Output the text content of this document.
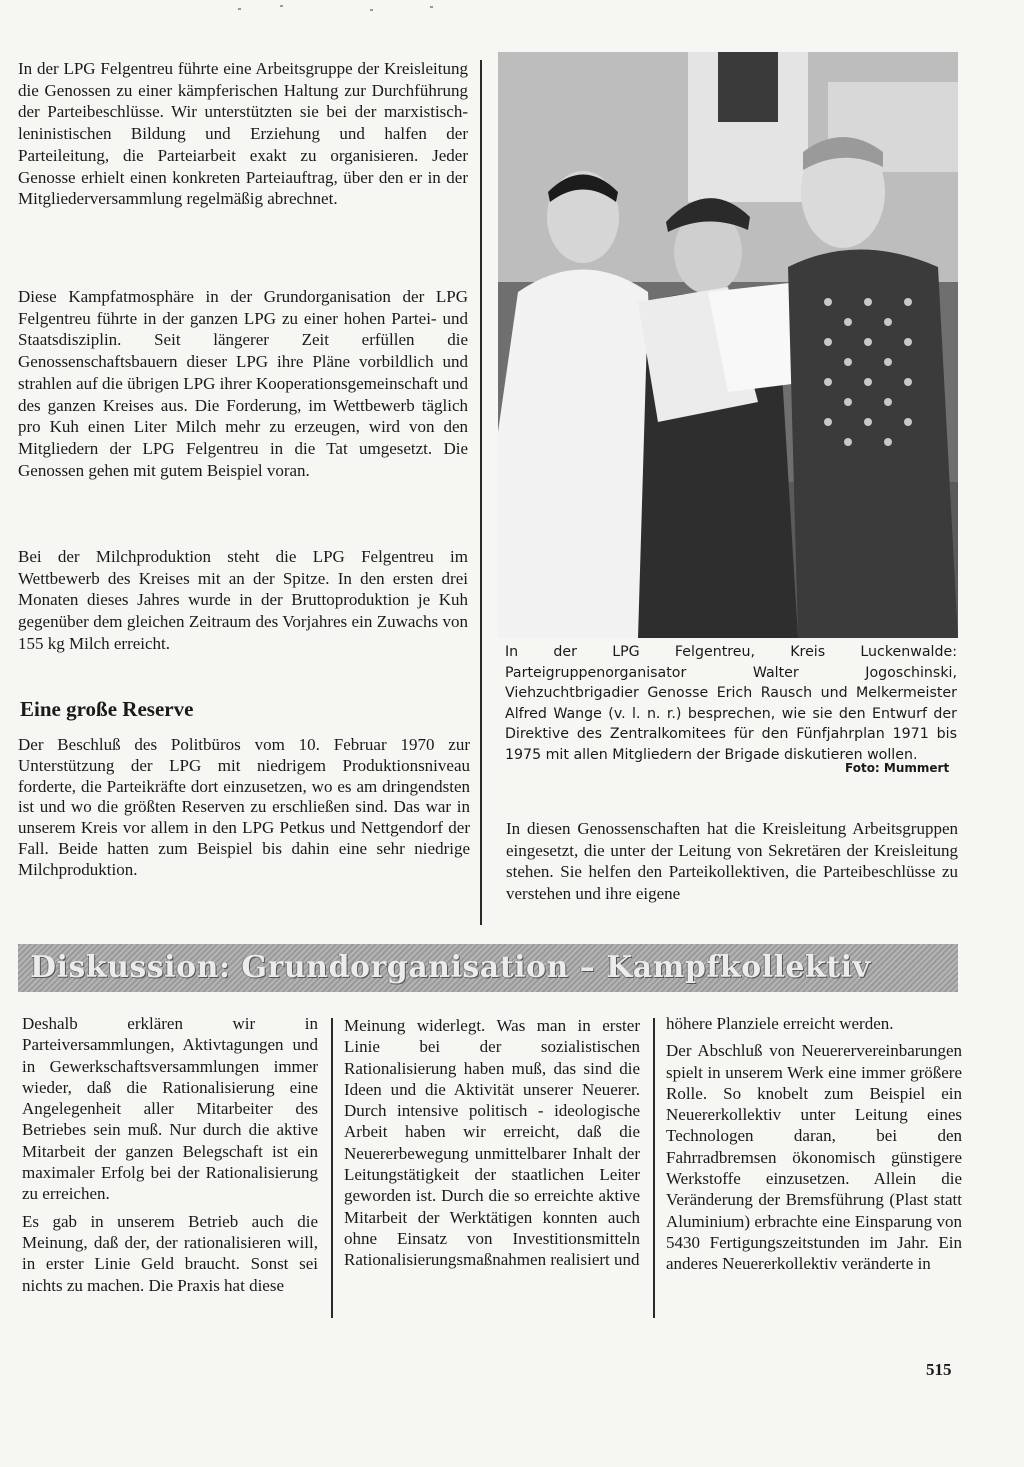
In der LPG Felgentreu führte eine Arbeitsgruppe der Kreisleitung die Genossen zu einer kämpferischen Haltung zur Durchführung der Parteibeschlüsse. Wir unterstützten sie bei der marxistisch-leninistischen Bildung und Erziehung und halfen der Parteileitung, die Parteiarbeit exakt zu organisieren. Jeder Genosse erhielt einen konkreten Parteiauftrag, über den er in der Mitgliederversammlung regelmäßig abrechnet.

Diese Kampfatmosphäre in der Grundorganisation der LPG Felgentreu führte in der ganzen LPG zu einer hohen Partei- und Staatsdisziplin. Seit längerer Zeit erfüllen die Genossenschaftsbauern dieser LPG ihre Pläne vorbildlich und strahlen auf die übrigen LPG ihrer Kooperationsgemeinschaft und des ganzen Kreises aus. Die Forderung, im Wettbewerb täglich pro Kuh einen Liter Milch mehr zu erzeugen, wird von den Mitgliedern der LPG Felgentreu in die Tat umgesetzt. Die Genossen gehen mit gutem Beispiel voran.

Bei der Milchproduktion steht die LPG Felgentreu im Wettbewerb des Kreises mit an der Spitze. In den ersten drei Monaten dieses Jahres wurde in der Bruttoproduktion je Kuh gegenüber dem gleichen Zeitraum des Vorjahres ein Zuwachs von 155 kg Milch erreicht.

Eine große Reserve

Der Beschluß des Politbüros vom 10. Februar 1970 zur Unterstützung der LPG mit niedrigem Produktionsniveau forderte, die Parteikräfte dort einzusetzen, wo es am dringendsten ist und wo die größten Reserven zu erschließen sind. Das war in unserem Kreis vor allem in den LPG Petkus und Nettgendorf der Fall. Beide hatten zum Beispiel bis dahin eine sehr niedrige Milchproduktion.

In der LPG Felgentreu, Kreis Luckenwalde: Parteigruppenorganisator Walter Jogoschinski, Viehzuchtbrigadier Genosse Erich Rausch und Melkermeister Alfred Wange (v. l. n. r.) besprechen, wie sie den Entwurf der Direktive des Zentralkomitees für den Fünfjahrplan 1971 bis 1975 mit allen Mitgliedern der Brigade diskutieren wollen.

Foto: Mummert

In diesen Genossenschaften hat die Kreisleitung Arbeitsgruppen eingesetzt, die unter der Leitung von Sekretären der Kreisleitung stehen. Sie helfen den Parteikollektiven, die Parteibeschlüsse zu verstehen und ihre eigene

Diskussion: Grundorganisation – Kampfkollektiv

Deshalb erklären wir in Parteiversammlungen, Aktivtagungen und in Gewerkschaftsversammlungen immer wieder, daß die Rationalisierung eine Angelegenheit aller Mitarbeiter des Betriebes sein muß. Nur durch die aktive Mitarbeit der ganzen Belegschaft ist ein maximaler Erfolg bei der Rationalisierung zu erreichen.

Es gab in unserem Betrieb auch die Meinung, daß der, der rationalisieren will, in erster Linie Geld braucht. Sonst sei nichts zu machen. Die Praxis hat diese

Meinung widerlegt. Was man in erster Linie bei der sozialistischen Rationalisierung haben muß, das sind die Ideen und die Aktivität unserer Neuerer. Durch intensive politisch - ideologische Arbeit haben wir erreicht, daß die Neuererbewegung unmittelbarer Inhalt der Leitungstätigkeit der staatlichen Leiter geworden ist. Durch die so erreichte aktive Mitarbeit der Werktätigen konnten auch ohne Einsatz von Investitionsmitteln Rationalisierungsmaßnahmen realisiert und

höhere Planziele erreicht werden.

Der Abschluß von Neuerervereinbarungen spielt in unserem Werk eine immer größere Rolle. So knobelt zum Beispiel ein Neuererkollektiv unter Leitung eines Technologen daran, bei den Fahrradbremsen ökonomisch günstigere Werkstoffe einzusetzen. Allein die Veränderung der Bremsführung (Plast statt Aluminium) erbrachte eine Einsparung von 5430 Fertigungszeitstunden im Jahr. Ein anderes Neuererkollektiv veränderte in

515
